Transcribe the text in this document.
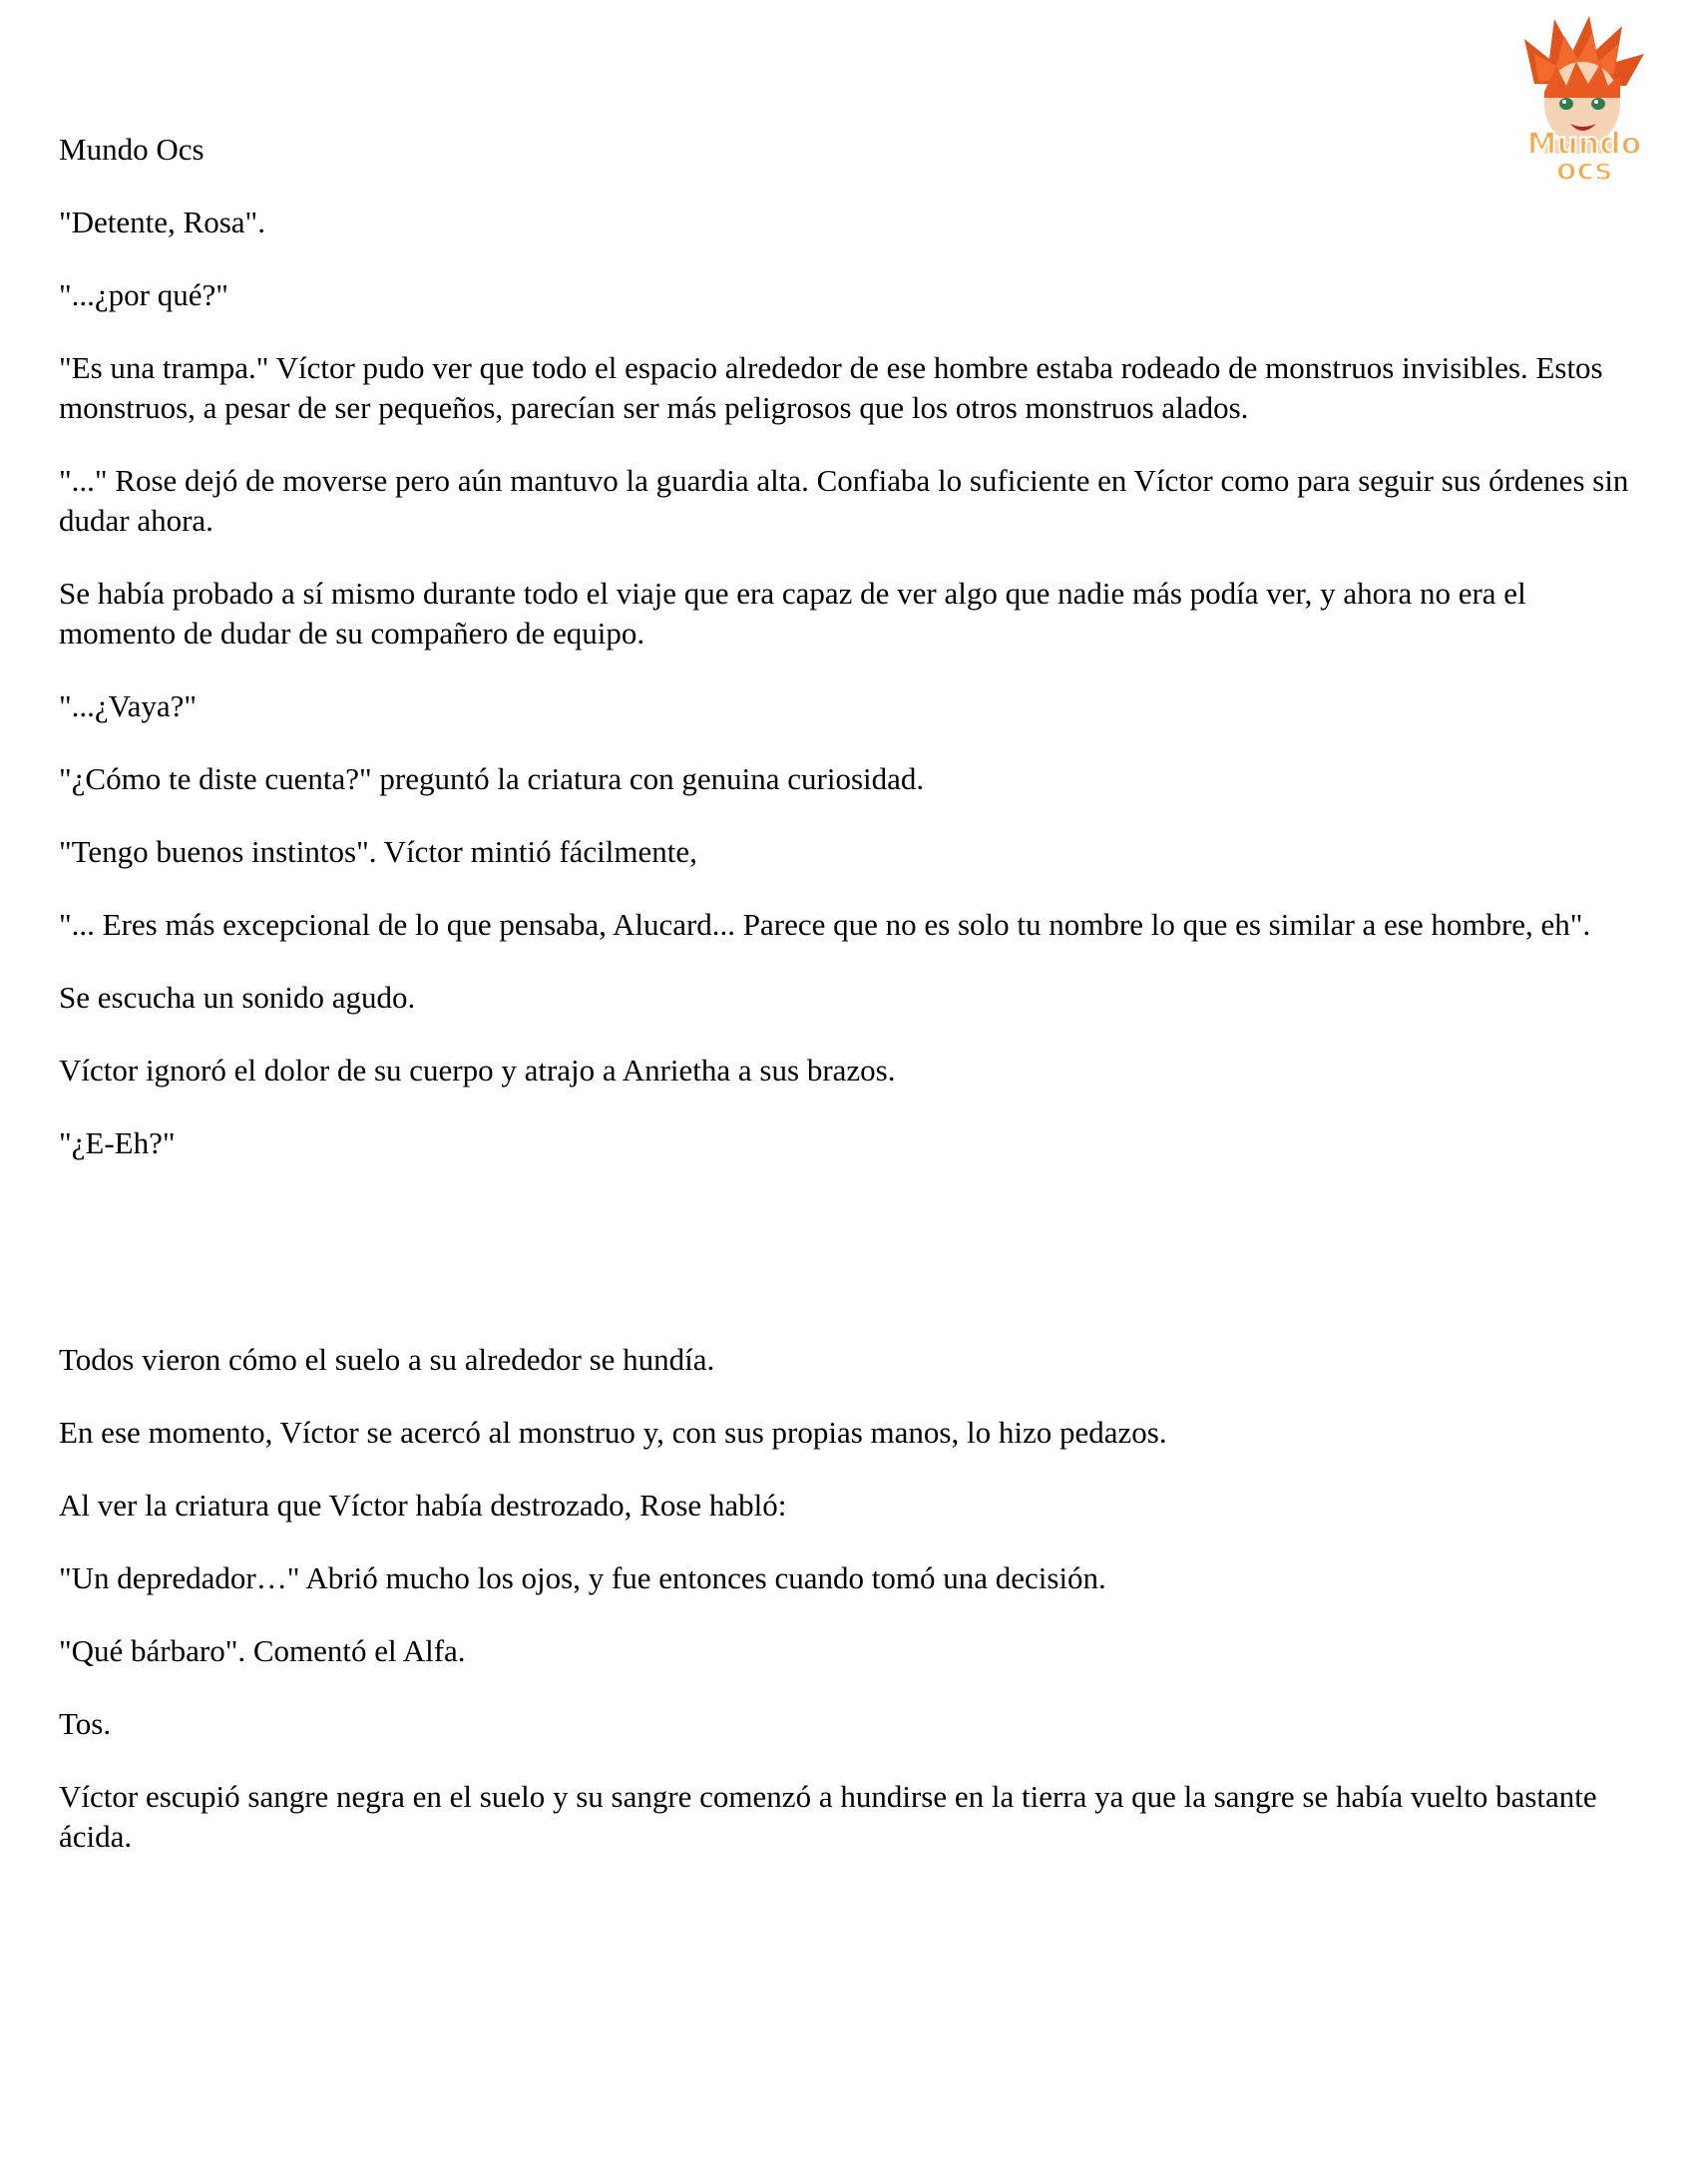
Mundo
ocs

Mundo Ocs

"Detente, Rosa".

"...¿por qué?"

"Es una trampa." Víctor pudo ver que todo el espacio alrededor de ese hombre estaba rodeado de monstruos invisibles. Estos monstruos, a pesar de ser pequeños, parecían ser más peligrosos que los otros monstruos alados.

"..." Rose dejó de moverse pero aún mantuvo la guardia alta. Confiaba lo suficiente en Víctor como para seguir sus órdenes sin dudar ahora.

Se había probado a sí mismo durante todo el viaje que era capaz de ver algo que nadie más podía ver, y ahora no era el momento de dudar de su compañero de equipo.

"...¿Vaya?"

"¿Cómo te diste cuenta?" preguntó la criatura con genuina curiosidad.

"Tengo buenos instintos". Víctor mintió fácilmente,

"... Eres más excepcional de lo que pensaba, Alucard... Parece que no es solo tu nombre lo que es similar a ese hombre, eh".

Se escucha un sonido agudo.

Víctor ignoró el dolor de su cuerpo y atrajo a Anrietha a sus brazos.

"¿E-Eh?"

Todos vieron cómo el suelo a su alrededor se hundía.

En ese momento, Víctor se acercó al monstruo y, con sus propias manos, lo hizo pedazos.

Al ver la criatura que Víctor había destrozado, Rose habló:

"Un depredador…" Abrió mucho los ojos, y fue entonces cuando tomó una decisión.

"Qué bárbaro". Comentó el Alfa.

Tos.

Víctor escupió sangre negra en el suelo y su sangre comenzó a hundirse en la tierra ya que la sangre se había vuelto bastante ácida.
